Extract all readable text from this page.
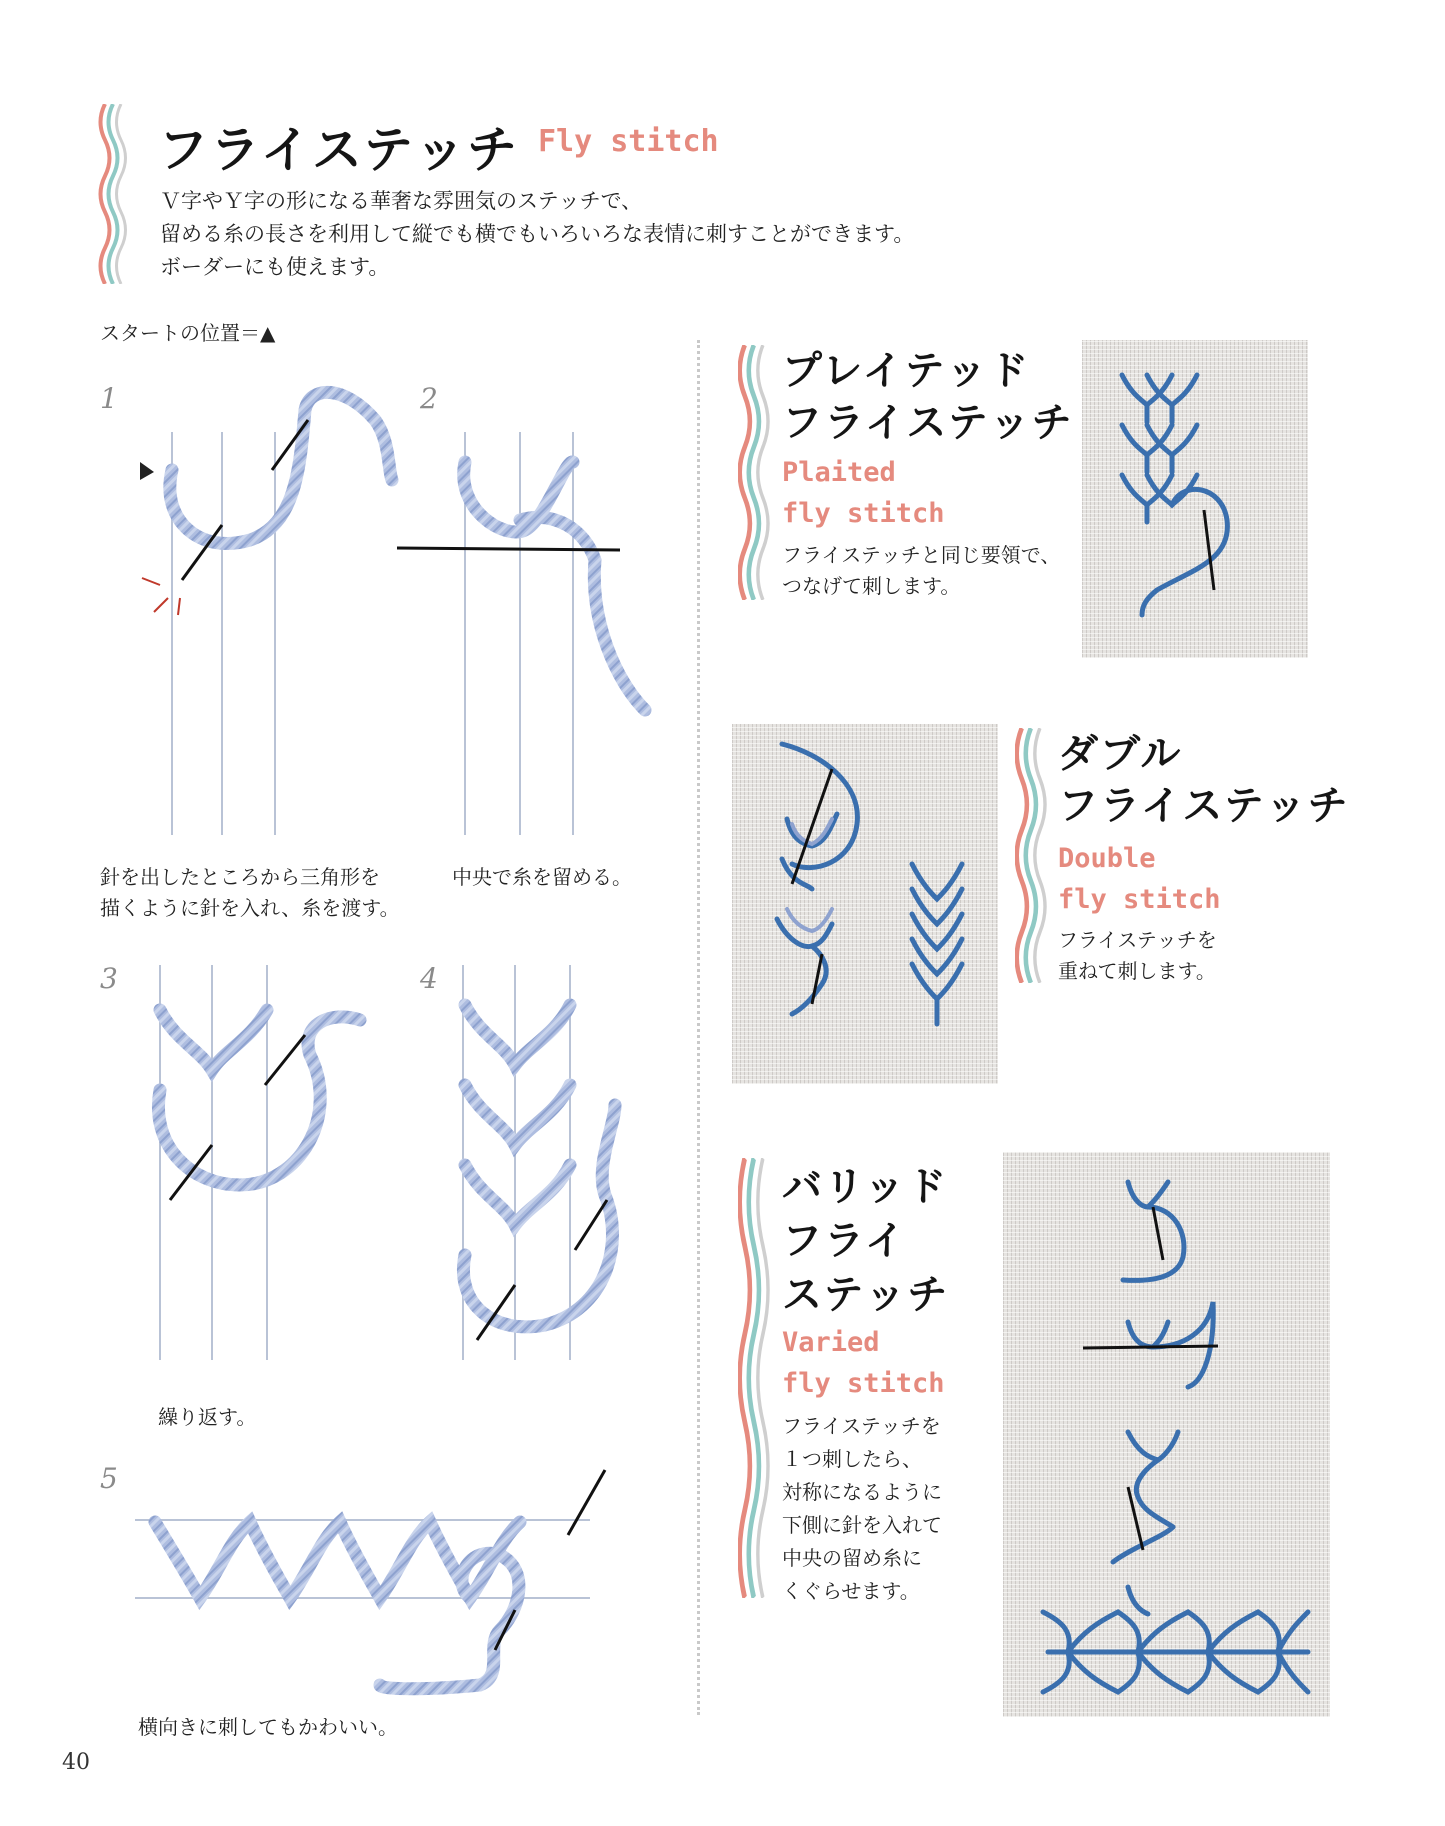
フライステッチ Fly stitch
Ｖ字やＹ字の形になる華奢な雰囲気のステッチで、
留める糸の長さを利用して縦でも横でもいろいろな表情に刺すことができます。
ボーダーにも使えます。
スタートの位置＝▲
1	2
3	4
5
針を出したところから三角形を
描くように針を入れ、糸を渡す。
中央で糸を留める。
繰り返す。
横向きに刺してもかわいい。
プレイテッド
フライステッチ
Plaited
fly stitch
フライステッチと同じ要領で、
つなげて刺します。
ダブル
フライステッチ
Double
fly stitch
フライステッチを
重ねて刺します。
バリッド
フライ
ステッチ
Varied
fly stitch
フライステッチを
１つ刺したら、
対称になるように
下側に針を入れて
中央の留め糸に
くぐらせます。
40
